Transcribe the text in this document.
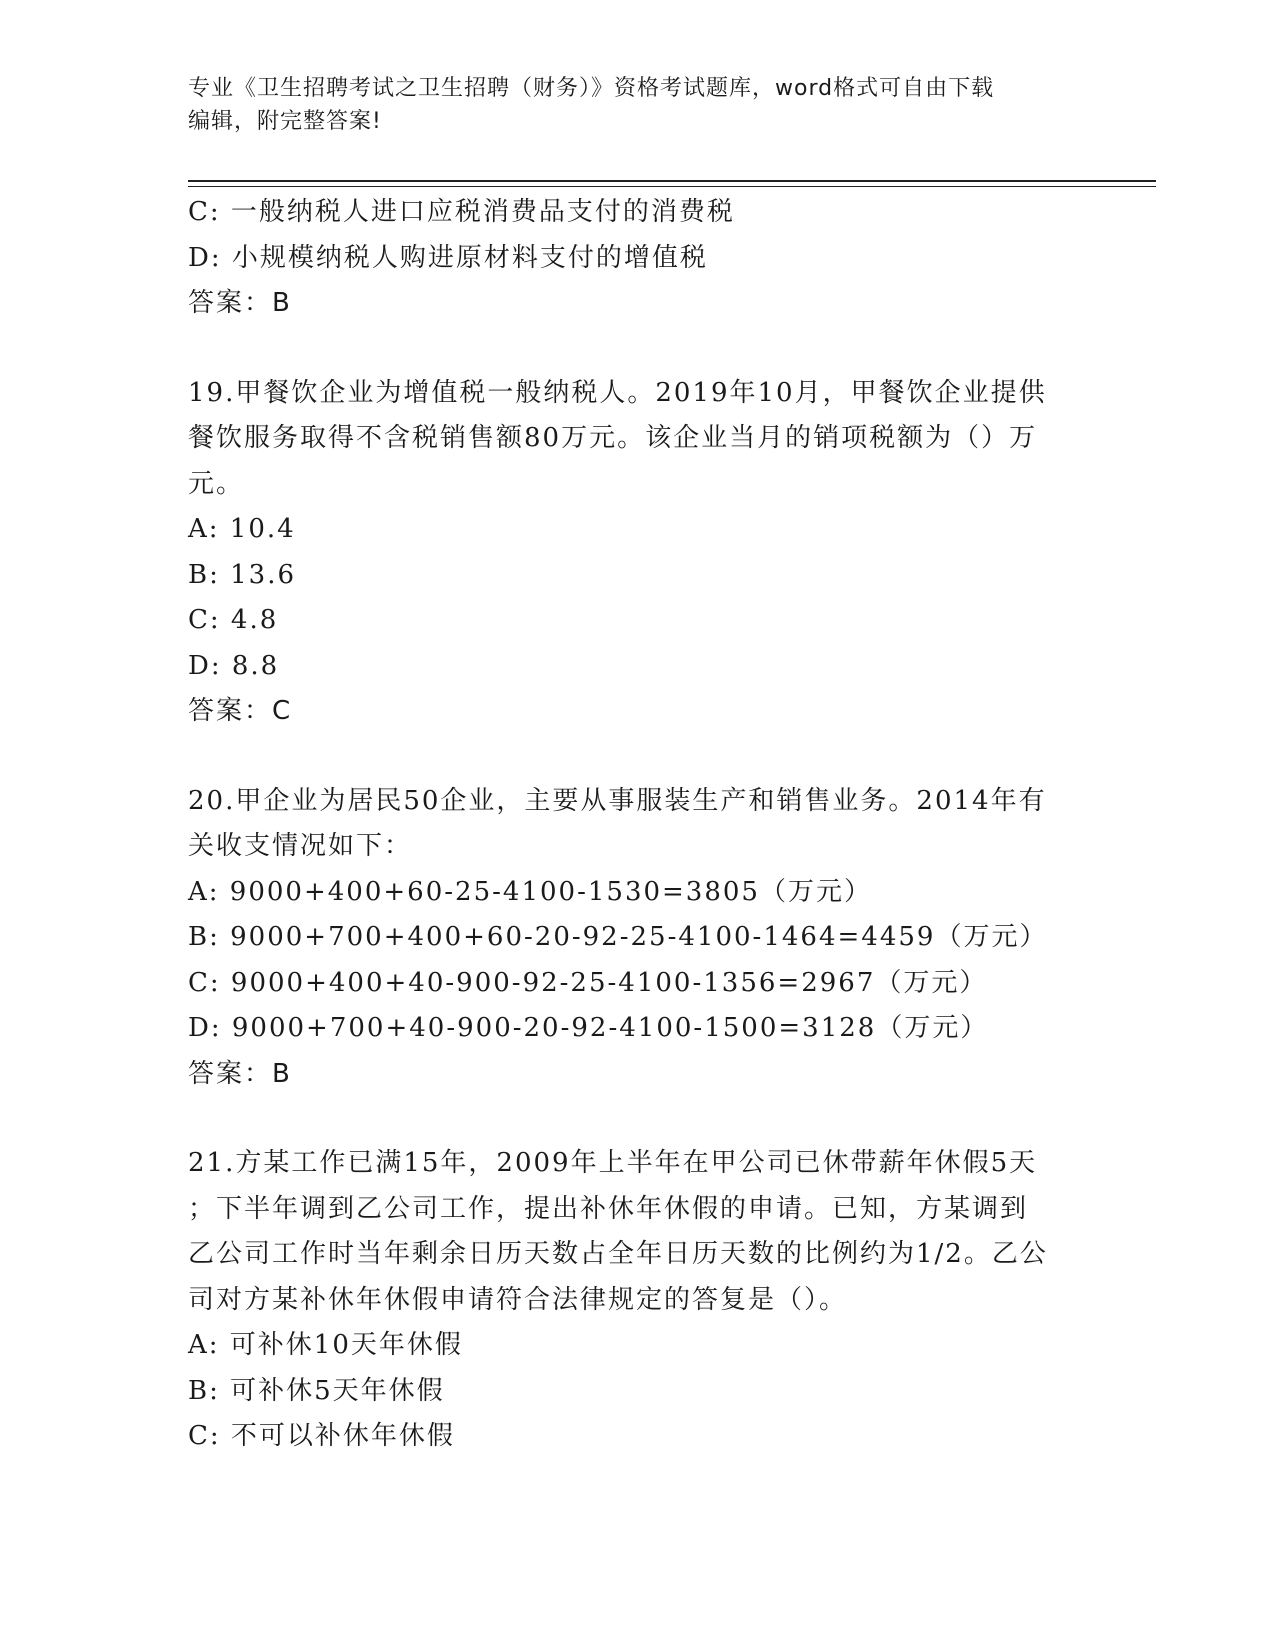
专业《卫生招聘考试之卫生招聘（财务）》资格考试题库，word格式可自由下载
编辑，附完整答案!
C: 一般纳税人进口应税消费品支付的消费税
D: 小规模纳税人购进原材料支付的增值税
答案：B
19.甲餐饮企业为增值税一般纳税人。2019年10月，甲餐饮企业提供
餐饮服务取得不含税销售额80万元。该企业当月的销项税额为（）万
元。
A: 10.4
B: 13.6
C: 4.8
D: 8.8
答案：C
20.甲企业为居民50企业，主要从事服装生产和销售业务。2014年有
关收支情况如下：
A: 9000+400+60-25-4100-1530=3805（万元）
B: 9000+700+400+60-20-92-25-4100-1464=4459（万元）
C: 9000+400+40-900-92-25-4100-1356=2967（万元）
D: 9000+700+40-900-20-92-4100-1500=3128（万元）
答案：B
21.方某工作已满15年，2009年上半年在甲公司已休带薪年休假5天
；下半年调到乙公司工作，提出补休年休假的申请。已知，方某调到
乙公司工作时当年剩余日历天数占全年日历天数的比例约为1/2。乙公
司对方某补休年休假申请符合法律规定的答复是（）。
A: 可补休10天年休假
B: 可补休5天年休假
C: 不可以补休年休假
